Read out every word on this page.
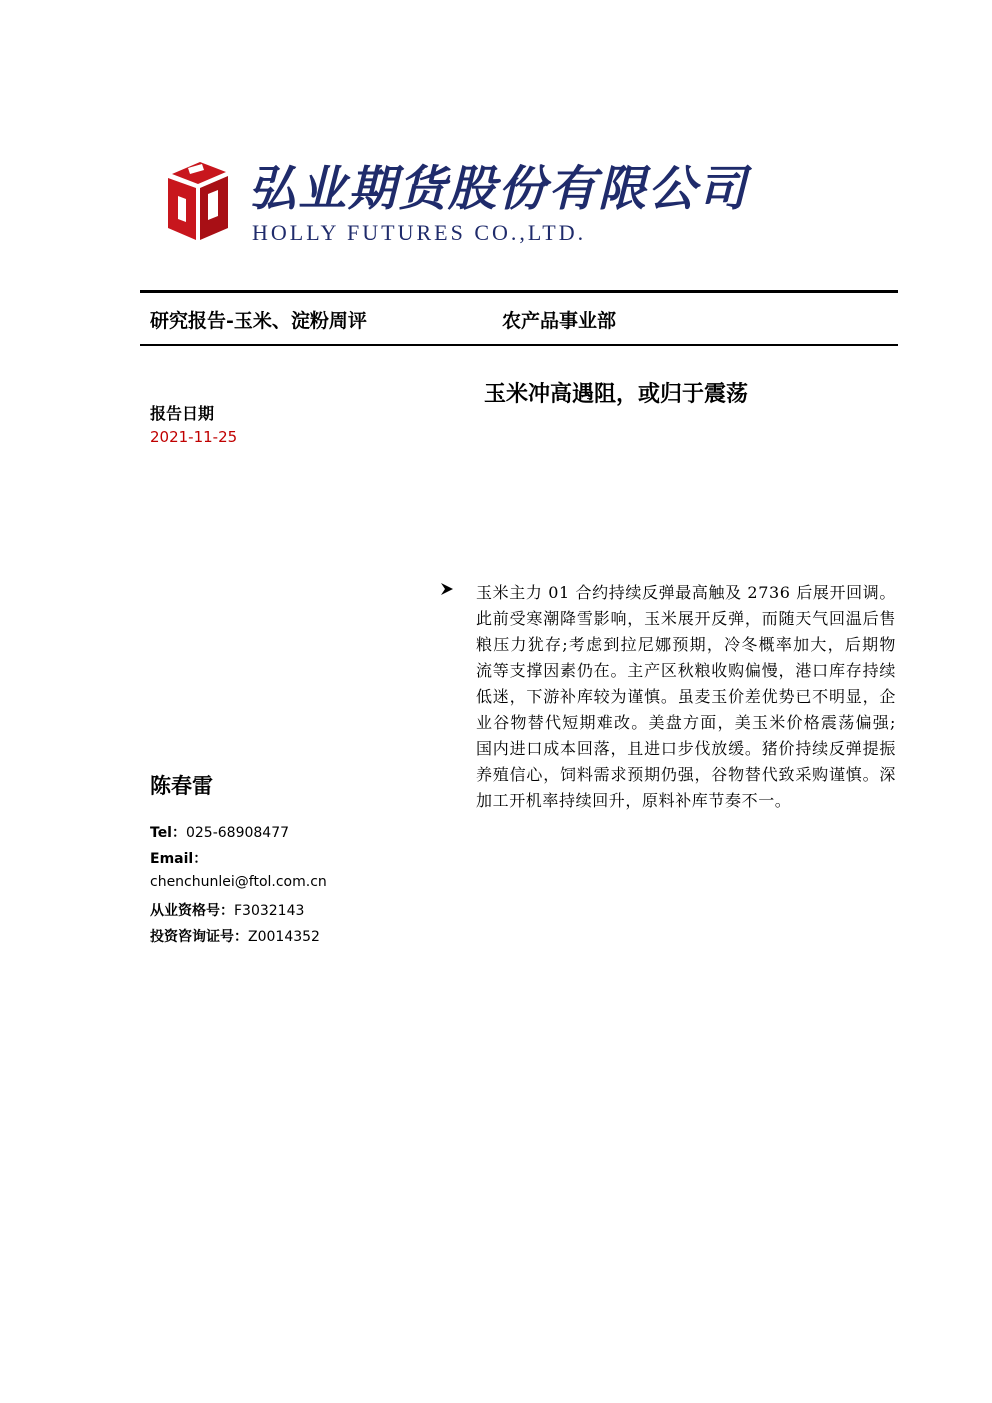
弘业期货股份有限公司
HOLLY FUTURES CO.,LTD.
研究报告-玉米、淀粉周评	农产品事业部
玉米冲高遇阻，或归于震荡
报告日期
2021-11-25
玉米主力 01 合约持续反弹最高触及 2736 后展开回调。此前受寒潮降雪影响，玉米展开反弹，而随天气回温后售粮压力犹存;考虑到拉尼娜预期，冷冬概率加大，后期物流等支撑因素仍在。主产区秋粮收购偏慢，港口库存持续低迷，下游补库较为谨慎。虽麦玉价差优势已不明显，企业谷物替代短期难改。美盘方面，美玉米价格震荡偏强;国内进口成本回落，且进口步伐放缓。猪价持续反弹提振养殖信心，饲料需求预期仍强，谷物替代致采购谨慎。深加工开机率持续回升，原料补库节奏不一。
陈春雷
Tel：025-68908477
Email：
chenchunlei@ftol.com.cn
从业资格号：F3032143
投资咨询证号：Z0014352
